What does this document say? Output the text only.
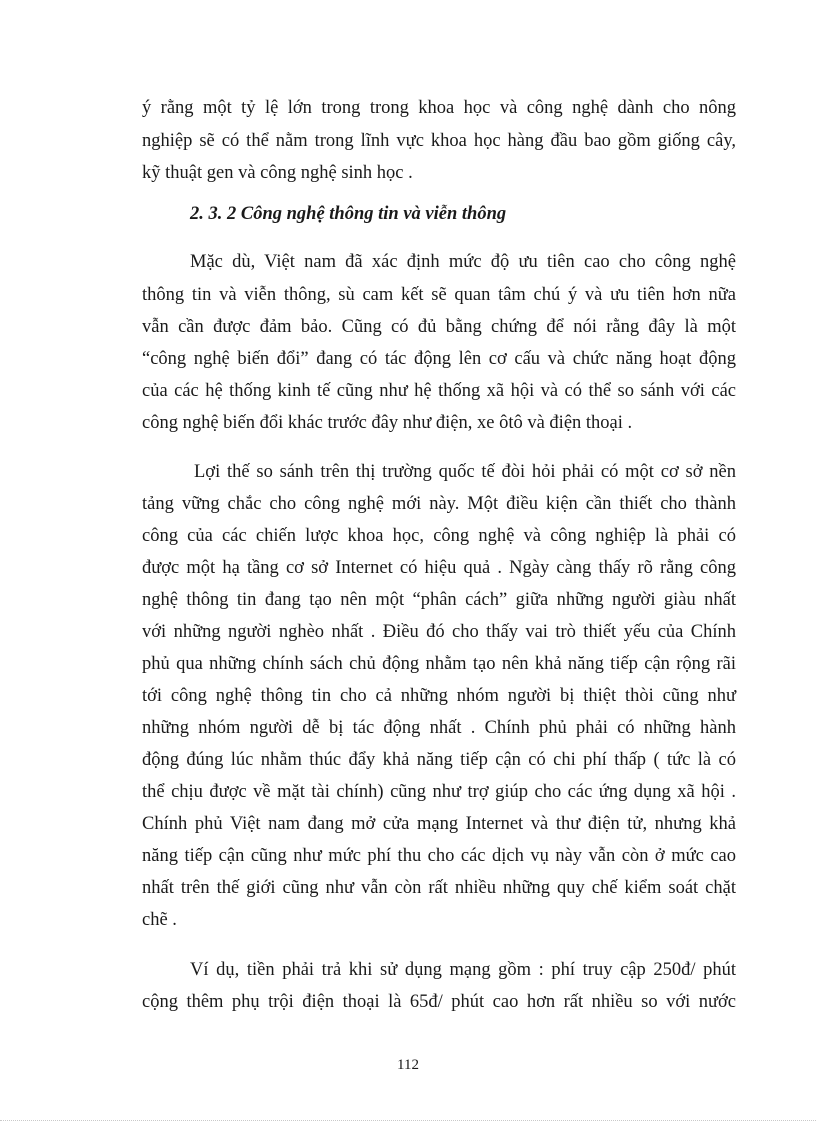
ý rằng một tỷ lệ lớn trong trong khoa học và công nghệ dành cho nông
nghiệp sẽ có thể nằm trong lĩnh vực khoa học hàng đầu bao gồm giống cây,
kỹ thuật gen và công nghệ sinh học .
2. 3. 2 Công nghệ thông tin và viễn thông
Mặc dù, Việt nam đã xác định mức độ ưu tiên cao cho công nghệ
thông tin và viễn thông, sù cam kết sẽ quan tâm chú ý và ưu tiên hơn nữa
vẫn cần được đảm bảo. Cũng có đủ bằng chứng để nói rằng đây là một
“công nghệ biến đổi” đang có tác động lên cơ cấu và chức năng hoạt động
của các hệ thống kinh tế cũng như hệ thống xã hội và có thể so sánh với các
công nghệ biến đổi khác trước đây như điện, xe ôtô và điện thoại .
Lợi thế so sánh trên thị trường quốc tế đòi hỏi phải có một cơ sở nền
tảng vững chắc cho công nghệ mới này. Một điều kiện cần thiết cho thành
công của các chiến lược khoa học, công nghệ và công nghiệp là phải có
được một hạ tầng cơ sở Internet có hiệu quả . Ngày càng thấy rõ rằng công
nghệ thông tin đang tạo nên một “phân cách” giữa những người giàu nhất
với những người nghèo nhất . Điều đó cho thấy vai trò thiết yếu của Chính
phủ qua những chính sách chủ động nhằm tạo nên khả năng tiếp cận rộng rãi
tới công nghệ thông tin cho cả những nhóm người bị thiệt thòi cũng như
những nhóm người dễ bị tác động nhất . Chính phủ phải có những hành
động đúng lúc nhằm thúc đẩy khả năng tiếp cận có chi phí thấp ( tức là có
thể chịu được về mặt tài chính) cũng như trợ giúp cho các ứng dụng xã hội .
Chính phủ Việt nam đang mở cửa mạng Internet và thư điện tử, nhưng khả
năng tiếp cận cũng như mức phí thu cho các dịch vụ này vẫn còn ở mức cao
nhất trên thế giới cũng như vẫn còn rất nhiều những quy chế kiểm soát chặt
chẽ .
Ví dụ, tiền phải trả khi sử dụng mạng gồm : phí truy cập 250đ/ phút
cộng thêm phụ trội điện thoại là 65đ/ phút cao hơn rất nhiều so với nước
112
